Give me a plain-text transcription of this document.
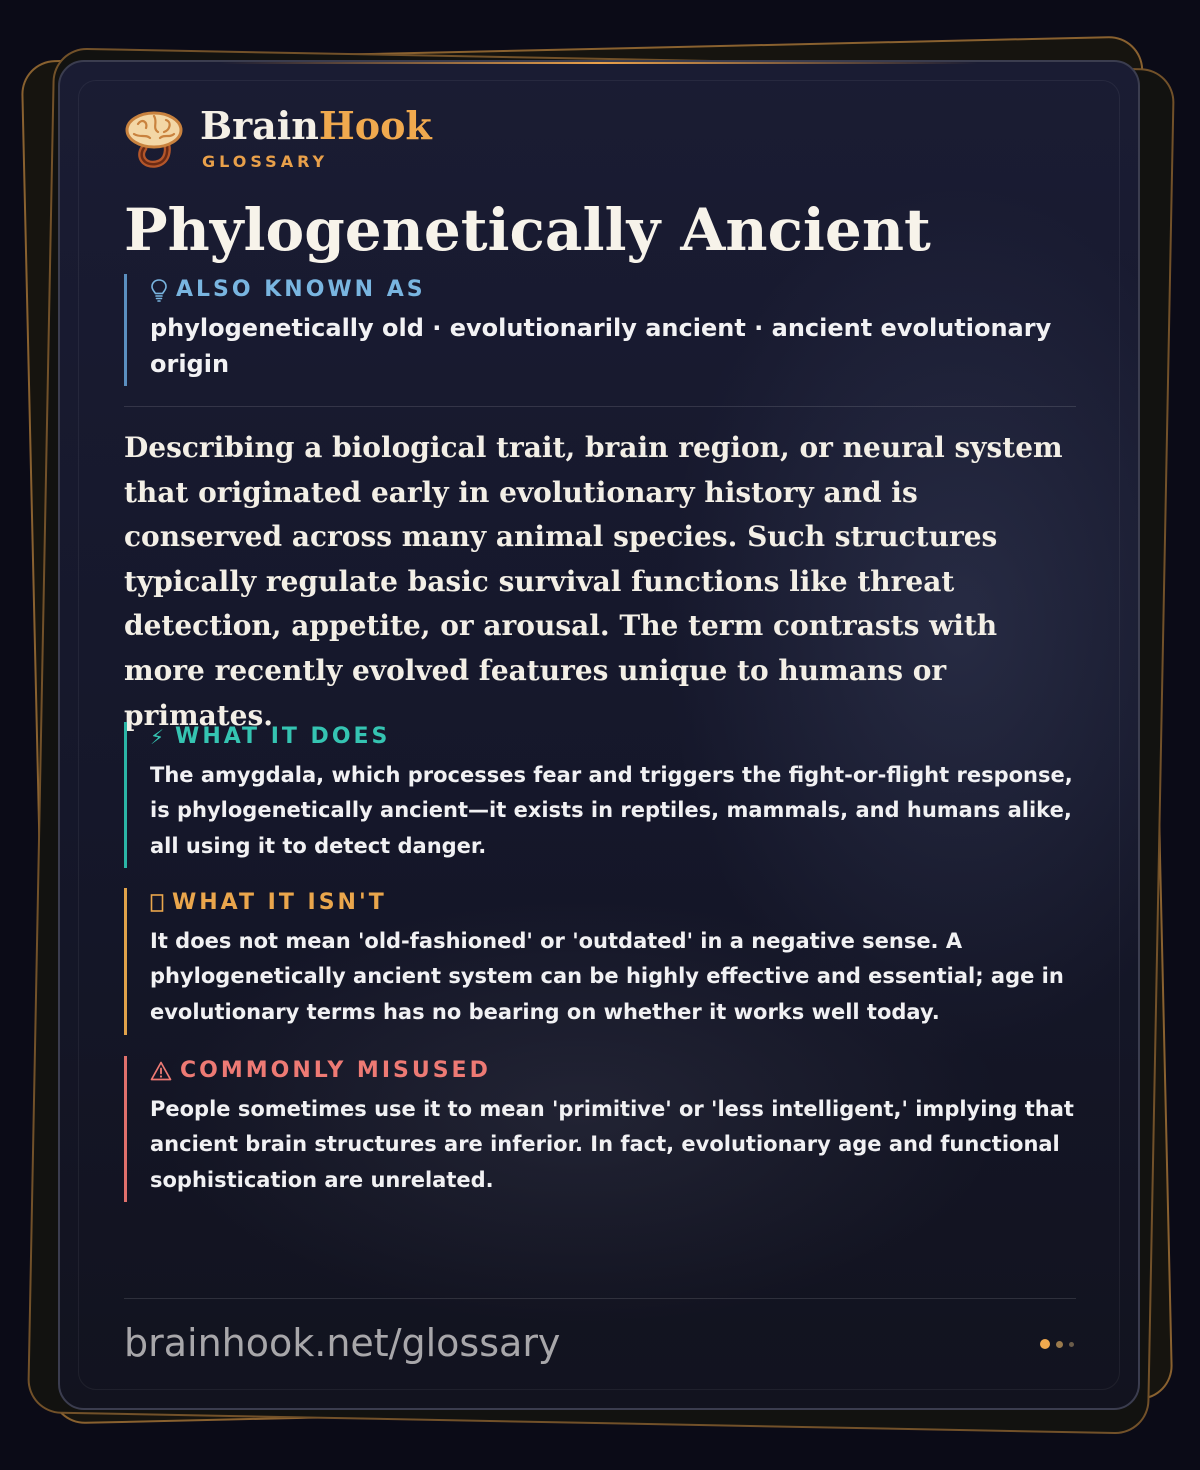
BrainHook
GLOSSARY
Phylogenetically Ancient
ALSO KNOWN AS
phylogenetically old · evolutionarily ancient · ancient evolutionary origin

Describing a biological trait, brain region, or neural system that originated early in evolutionary history and is conserved across many animal species. Such structures typically regulate basic survival functions like threat detection, appetite, or arousal. The term contrasts with more recently evolved features unique to humans or primates.

⚡ WHAT IT DOES
The amygdala, which processes fear and triggers the fight-or-flight response, is phylogenetically ancient—it exists in reptiles, mammals, and humans alike, all using it to detect danger.
WHAT IT ISN'T
It does not mean 'old-fashioned' or 'outdated' in a negative sense. A phylogenetically ancient system can be highly effective and essential; age in evolutionary terms has no bearing on whether it works well today.
COMMONLY MISUSED
People sometimes use it to mean 'primitive' or 'less intelligent,' implying that ancient brain structures are inferior. In fact, evolutionary age and functional sophistication are unrelated.
brainhook.net/glossary
